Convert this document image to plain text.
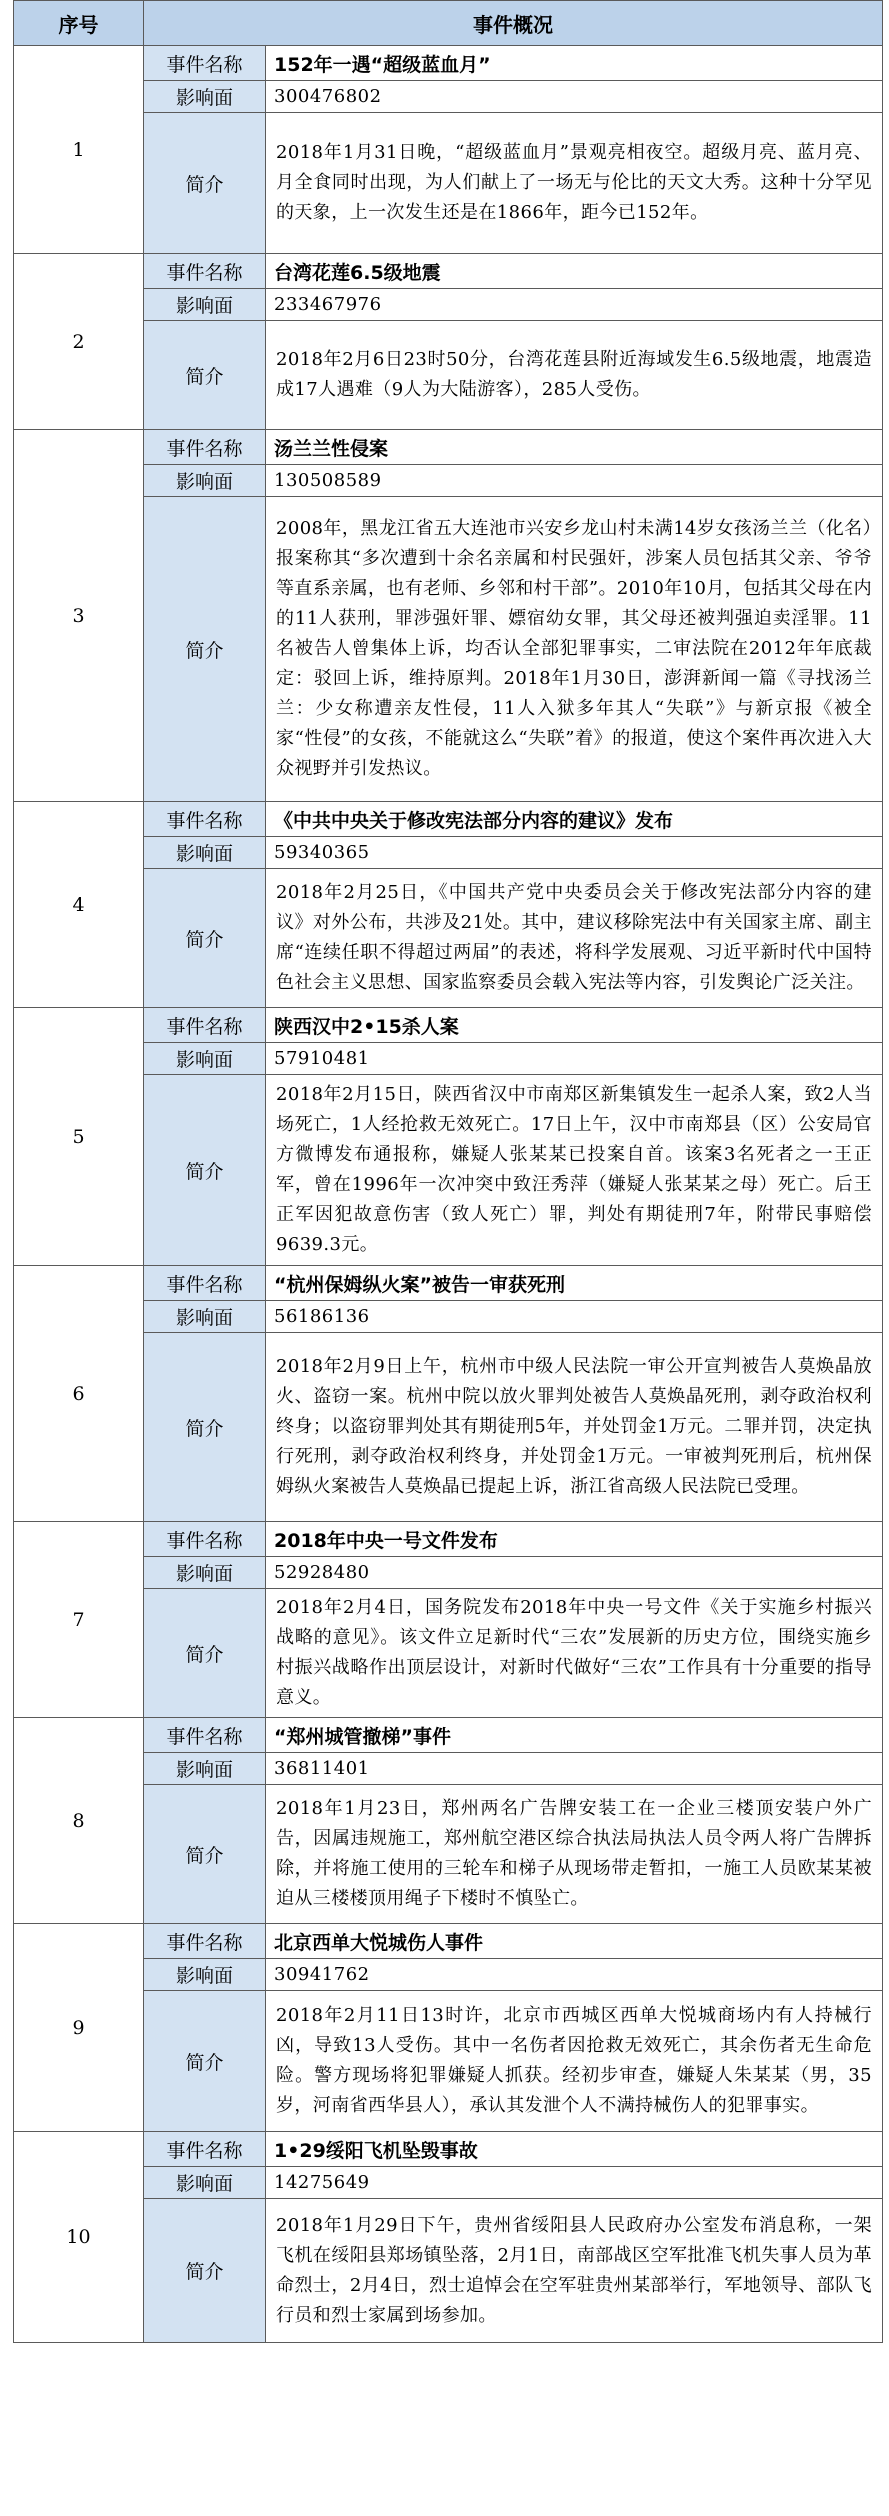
序号	事件概况	
1	事件名称	152年一遇“超级蓝血月”
	影响面	300476802
	简介	2018年1月31日晚，“超级蓝血月”景观亮相夜空。超级月亮、蓝月亮、月全食同时出现，为人们献上了一场无与伦比的天文大秀。这种十分罕见的天象，上一次发生还是在1866年，距今已152年。
2	事件名称	台湾花莲6.5级地震
	影响面	233467976
	简介	2018年2月6日23时50分，台湾花莲县附近海域发生6.5级地震，地震造成17人遇难（9人为大陆游客），285人受伤。
3	事件名称	汤兰兰性侵案
	影响面	130508589
	简介	2008年，黑龙江省五大连池市兴安乡龙山村未满14岁女孩汤兰兰（化名）报案称其“多次遭到十余名亲属和村民强奸，涉案人员包括其父亲、爷爷等直系亲属，也有老师、乡邻和村干部”。2010年10月，包括其父母在内的11人获刑，罪涉强奸罪、嫖宿幼女罪，其父母还被判强迫卖淫罪。11名被告人曾集体上诉，均否认全部犯罪事实，二审法院在2012年年底裁定：驳回上诉，维持原判。2018年1月30日，澎湃新闻一篇《寻找汤兰兰：少女称遭亲友性侵，11人入狱多年其人“失联”》与新京报《被全家“性侵”的女孩，不能就这么“失联”着》的报道，使这个案件再次进入大众视野并引发热议。
4	事件名称	《中共中央关于修改宪法部分内容的建议》发布
	影响面	59340365
	简介	2018年2月25日，《中国共产党中央委员会关于修改宪法部分内容的建议》对外公布，共涉及21处。其中，建议移除宪法中有关国家主席、副主席“连续任职不得超过两届”的表述，将科学发展观、习近平新时代中国特色社会主义思想、国家监察委员会载入宪法等内容，引发舆论广泛关注。
5	事件名称	陕西汉中2•15杀人案
	影响面	57910481
	简介	2018年2月15日，陕西省汉中市南郑区新集镇发生一起杀人案，致2人当场死亡，1人经抢救无效死亡。17日上午，汉中市南郑县（区）公安局官方微博发布通报称，嫌疑人张某某已投案自首。该案3名死者之一王正军，曾在1996年一次冲突中致汪秀萍（嫌疑人张某某之母）死亡。后王正军因犯故意伤害（致人死亡）罪，判处有期徒刑7年，附带民事赔偿9639.3元。
6	事件名称	“杭州保姆纵火案”被告一审获死刑
	影响面	56186136
	简介	2018年2月9日上午，杭州市中级人民法院一审公开宣判被告人莫焕晶放火、盗窃一案。杭州中院以放火罪判处被告人莫焕晶死刑，剥夺政治权利终身；以盗窃罪判处其有期徒刑5年，并处罚金1万元。二罪并罚，决定执行死刑，剥夺政治权利终身，并处罚金1万元。一审被判死刑后，杭州保姆纵火案被告人莫焕晶已提起上诉，浙江省高级人民法院已受理。
7	事件名称	2018年中央一号文件发布
	影响面	52928480
	简介	2018年2月4日，国务院发布2018年中央一号文件《关于实施乡村振兴战略的意见》。该文件立足新时代“三农”发展新的历史方位，围绕实施乡村振兴战略作出顶层设计，对新时代做好“三农”工作具有十分重要的指导意义。
8	事件名称	“郑州城管撤梯”事件
	影响面	36811401
	简介	2018年1月23日，郑州两名广告牌安装工在一企业三楼顶安装户外广告，因属违规施工，郑州航空港区综合执法局执法人员令两人将广告牌拆除，并将施工使用的三轮车和梯子从现场带走暂扣，一施工人员欧某某被迫从三楼楼顶用绳子下楼时不慎坠亡。
9	事件名称	北京西单大悦城伤人事件
	影响面	30941762
	简介	2018年2月11日13时许，北京市西城区西单大悦城商场内有人持械行凶，导致13人受伤。其中一名伤者因抢救无效死亡，其余伤者无生命危险。警方现场将犯罪嫌疑人抓获。经初步审查，嫌疑人朱某某（男，35岁，河南省西华县人），承认其发泄个人不满持械伤人的犯罪事实。
10	事件名称	1•29绥阳飞机坠毁事故
	影响面	14275649
	简介	2018年1月29日下午，贵州省绥阳县人民政府办公室发布消息称，一架飞机在绥阳县郑场镇坠落，2月1日，南部战区空军批准飞机失事人员为革命烈士，2月4日，烈士追悼会在空军驻贵州某部举行，军地领导、部队飞行员和烈士家属到场参加。
